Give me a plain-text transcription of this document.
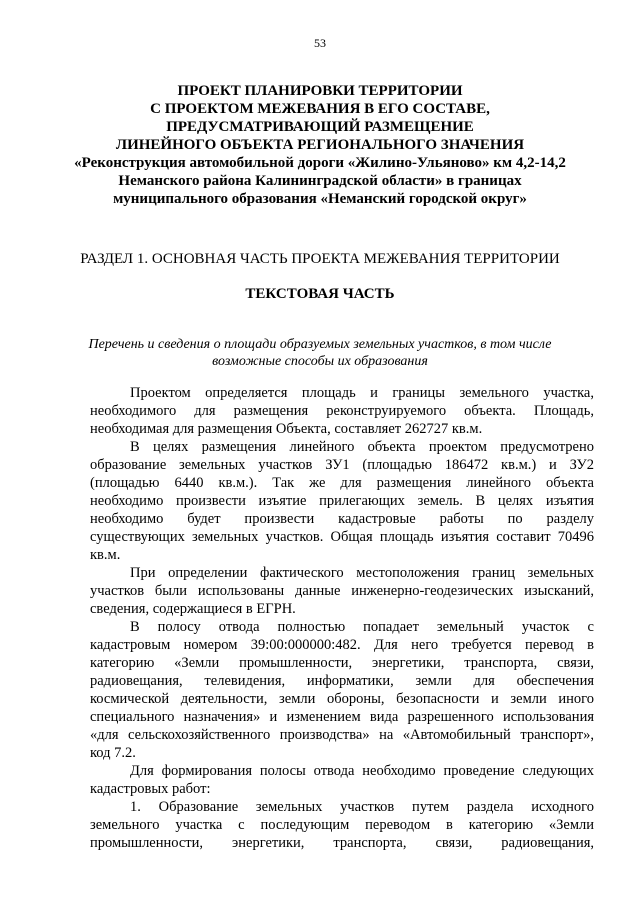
53
ПРОЕКТ ПЛАНИРОВКИ ТЕРРИТОРИИ
С ПРОЕКТОМ МЕЖЕВАНИЯ В ЕГО СОСТАВЕ,
ПРЕДУСМАТРИВАЮЩИЙ РАЗМЕЩЕНИЕ
ЛИНЕЙНОГО ОБЪЕКТА РЕГИОНАЛЬНОГО ЗНАЧЕНИЯ
«Реконструкция автомобильной дороги «Жилино-Ульяново» км 4,2-14,2
Неманского района Калининградской области» в границах
муниципального образования «Неманский городской округ»
РАЗДЕЛ 1. ОСНОВНАЯ ЧАСТЬ ПРОЕКТА МЕЖЕВАНИЯ ТЕРРИТОРИИ
ТЕКСТОВАЯ ЧАСТЬ
Перечень и сведения о площади образуемых земельных участков, в том числе
возможные способы их образования
Проектом определяется площадь и границы земельного участка,
необходимого для размещения реконструируемого объекта. Площадь,
необходимая для размещения Объекта, составляет 262727 кв.м.
В целях размещения линейного объекта проектом предусмотрено
образование земельных участков ЗУ1 (площадью 186472 кв.м.) и ЗУ2
(площадью 6440 кв.м.). Так же для размещения линейного объекта
необходимо произвести изъятие прилегающих земель. В целях изъятия
необходимо будет произвести кадастровые работы по разделу
существующих земельных участков. Общая площадь изъятия составит 70496
кв.м.
При определении фактического местоположения границ земельных
участков были использованы данные инженерно-геодезических изысканий,
сведения, содержащиеся в ЕГРН.
В полосу отвода полностью попадает земельный участок с
кадастровым номером 39:00:000000:482. Для него требуется перевод в
категорию «Земли промышленности, энергетики, транспорта, связи,
радиовещания, телевидения, информатики, земли для обеспечения
космической деятельности, земли обороны, безопасности и земли иного
специального назначения» и изменением вида разрешенного использования
«для сельскохозяйственного производства» на «Автомобильный транспорт»,
код 7.2.
Для формирования полосы отвода необходимо проведение следующих
кадастровых работ:
1. Образование земельных участков путем раздела исходного
земельного участка с последующим переводом в категорию «Земли
промышленности, энергетики, транспорта, связи, радиовещания,
